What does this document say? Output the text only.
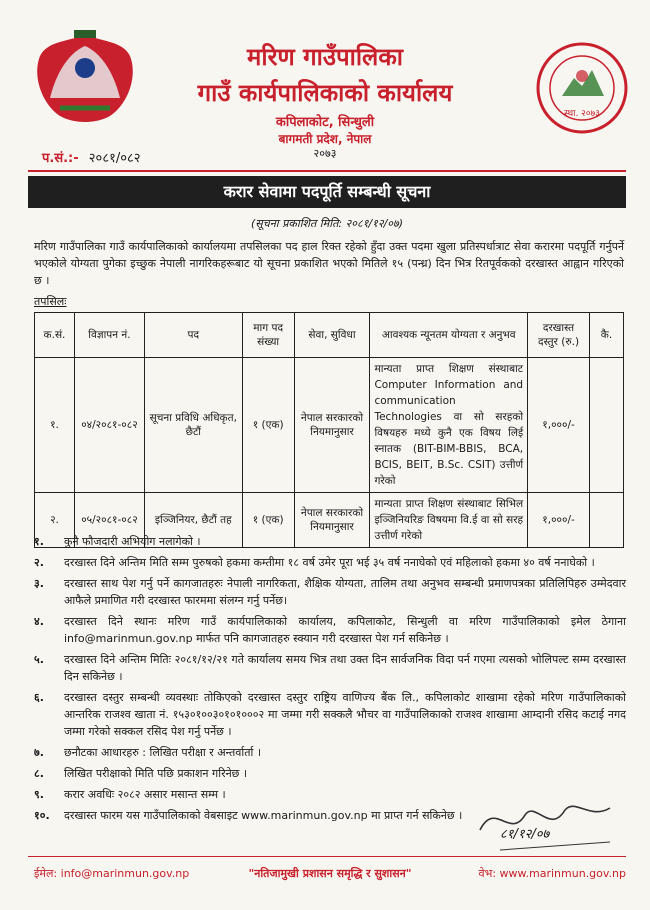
मरिण गाउँपालिका
गाउँ कार्यपालिकाको कार्यालय
कपिलाकोट, सिन्धुली
बागमती प्रदेश, नेपाल
२०७३
स्था. २०७३
प.सं.:- २०८१/०८२
करार सेवामा पदपूर्ति सम्बन्धी सूचना
(सूचना प्रकाशित मिति: २०८१/१२/०७)
मरिण गाउँपालिका गाउँ कार्यपालिकाको कार्यालयमा तपसिलका पद हाल रिक्त रहेको हुँदा उक्त पदमा खुला प्रतिस्पर्धात्राट सेवा करारमा पदपूर्ति गर्नुपर्ने भएकोले योग्यता पुगेका इच्छुक नेपाली नागरिकहरूबाट यो सूचना प्रकाशित भएको मितिले १५ (पन्ध्र) दिन भित्र रितपूर्वकको दरखास्त आह्वान गरिएको छ ।
तपसिलः
क.सं.	विज्ञापन नं.	पद	माग पद संख्या	सेवा, सुविधा	आवश्यक न्यूनतम योग्यता र अनुभव	दरखास्त दस्तुर (रु.)	कै.
१.	०४/२०८१-०८२	सूचना प्रविधि अधिकृत, छैटौं	१ (एक)	नेपाल सरकारको नियमानुसार	मान्यता प्राप्त शिक्षण संस्थाबाट Computer Information and communication Technologies वा सो सरहको विषयहरु मध्ये कुनै एक विषय लिई स्नातक (BIT-BIM-BBIS, BCA, BCIS, BEIT, B.Sc. CSIT) उत्तीर्ण गरेको	१,०००/-	
२.	०५/२०८१-०८२	इञ्जिनियर, छैटौं तह	१ (एक)	नेपाल सरकारको नियमानुसार	मान्यता प्राप्त शिक्षण संस्थाबाट सिभिल इञ्जिनियरिङ विषयमा वि.ई वा सो सरह उत्तीर्ण गरेको	१,०००/-	
१.	कुनै फौजदारी अभियोग नलागेको ।
२.	दरखास्त दिने अन्तिम मिति सम्म पुरुषको हकमा कम्तीमा १८ वर्ष उमेर पूरा भई ३५ वर्ष ननाघेको एवं महिलाको हकमा ४० वर्ष ननाघेको ।
३.	दरखास्त साथ पेश गर्नु पर्ने कागजातहरुः नेपाली नागरिकता, शैक्षिक योग्यता, तालिम तथा अनुभव सम्बन्धी प्रमाणपत्रका प्रतिलिपिहरु उम्मेदवार आफैले प्रमाणित गरी दरखास्त फारममा संलग्न गर्नु पर्नेछ।
४.	दरखास्त दिने स्थानः मरिण गाउँ कार्यपालिकाको कार्यालय, कपिलाकोट, सिन्धुली वा मरिण गाउँपालिकाको इमेल ठेगाना info@marinmun.gov.np मार्फत पनि कागजातहरु स्क्यान गरी दरखास्त पेश गर्न सकिनेछ ।
५.	दरखास्त दिने अन्तिम मितिः २०८१/१२/२१ गते कार्यालय समय भित्र तथा उक्त दिन सार्वजनिक विदा पर्न गएमा त्यसको भोलिपल्ट सम्म दरखास्त दिन सकिनेछ ।
६.	दरखास्त दस्तुर सम्बन्धी व्यवस्थाः तोकिएको दरखास्त दस्तुर राष्ट्रिय वाणिज्य बैंक लि., कपिलाकोट शाखामा रहेको मरिण गाउँपालिकाको आन्तरिक राजश्व खाता नं. १५३०१००३०१०१०००२ मा जम्मा गरी सक्कलै भौचर वा गाउँपालिकाको राजश्व शाखामा आम्दानी रसिद कटाई नगद जम्मा गरेको सक्कल रसिद पेश गर्नु पर्नेछ ।
७.	छनौटका आधारहरु : लिखित परीक्षा र अन्तर्वार्ता ।
८.	लिखित परीक्षाको मिति पछि प्रकाशन गरिनेछ ।
९.	करार अवधिः २०८२ असार मसान्त सम्म ।
१०.	दरखास्त फारम यस गाउँपालिकाको वेबसाइट www.marinmun.gov.np मा प्राप्त गर्न सकिनेछ ।
८१/१२/०७
ईमेल: info@marinmun.gov.np	"नतिजामुखी प्रशासन समृद्धि र सुशासन"	वेभ: www.marinmun.gov.np
